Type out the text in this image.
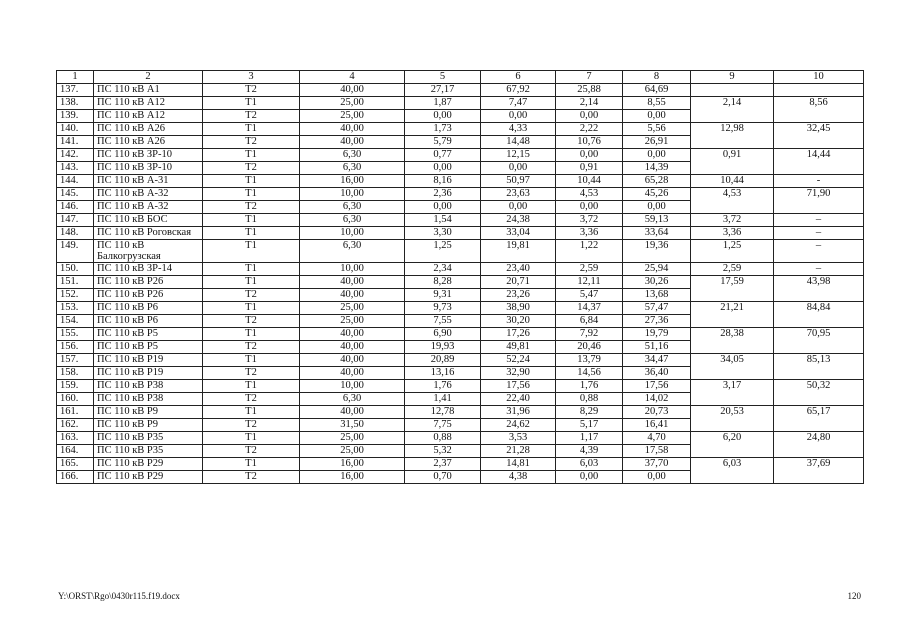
1	2	3	4	5	6	7	8	9	10
137.	ПС 110 кВ А1	Т2	40,00	27,17	67,92	25,88	64,69		
138.	ПС 110 кВ А12	Т1	25,00	1,87	7,47	2,14	8,55	2,14	8,56
139.	ПС 110 кВ А12	Т2	25,00	0,00	0,00	0,00	0,00		
140.	ПС 110 кВ А26	Т1	40,00	1,73	4,33	2,22	5,56	12,98	32,45
141.	ПС 110 кВ А26	Т2	40,00	5,79	14,48	10,76	26,91		
142.	ПС 110 кВ ЗР-10	Т1	6,30	0,77	12,15	0,00	0,00	0,91	14,44
143.	ПС 110 кВ ЗР-10	Т2	6,30	0,00	0,00	0,91	14,39		
144.	ПС 110 кВ А-31	Т1	16,00	8,16	50,97	10,44	65,28	10,44	-
145.	ПС 110 кВ А-32	Т1	10,00	2,36	23,63	4,53	45,26	4,53	71,90
146.	ПС 110 кВ А-32	Т2	6,30	0,00	0,00	0,00	0,00		
147.	ПС 110 кВ БОС	Т1	6,30	1,54	24,38	3,72	59,13	3,72	–
148.	ПС 110 кВ Роговская	Т1	10,00	3,30	33,04	3,36	33,64	3,36	–
149.	ПС 110 кВ Балкогрузская	Т1	6,30	1,25	19,81	1,22	19,36	1,25	–
150.	ПС 110 кВ ЗР-14	Т1	10,00	2,34	23,40	2,59	25,94	2,59	–
151.	ПС 110 кВ Р26	Т1	40,00	8,28	20,71	12,11	30,26	17,59	43,98
152.	ПС 110 кВ Р26	Т2	40,00	9,31	23,26	5,47	13,68		
153.	ПС 110 кВ Р6	Т1	25,00	9,73	38,90	14,37	57,47	21,21	84,84
154.	ПС 110 кВ Р6	Т2	25,00	7,55	30,20	6,84	27,36		
155.	ПС 110 кВ Р5	Т1	40,00	6,90	17,26	7,92	19,79	28,38	70,95
156.	ПС 110 кВ Р5	Т2	40,00	19,93	49,81	20,46	51,16		
157.	ПС 110 кВ Р19	Т1	40,00	20,89	52,24	13,79	34,47	34,05	85,13
158.	ПС 110 кВ Р19	Т2	40,00	13,16	32,90	14,56	36,40		
159.	ПС 110 кВ Р38	Т1	10,00	1,76	17,56	1,76	17,56	3,17	50,32
160.	ПС 110 кВ Р38	Т2	6,30	1,41	22,40	0,88	14,02		
161.	ПС 110 кВ Р9	Т1	40,00	12,78	31,96	8,29	20,73	20,53	65,17
162.	ПС 110 кВ Р9	Т2	31,50	7,75	24,62	5,17	16,41		
163.	ПС 110 кВ Р35	Т1	25,00	0,88	3,53	1,17	4,70	6,20	24,80
164.	ПС 110 кВ Р35	Т2	25,00	5,32	21,28	4,39	17,58		
165.	ПС 110 кВ Р29	Т1	16,00	2,37	14,81	6,03	37,70	6,03	37,69
166.	ПС 110 кВ Р29	Т2	16,00	0,70	4,38	0,00	0,00		
Y:\ORST\Rgo\0430r115.f19.docx	120
